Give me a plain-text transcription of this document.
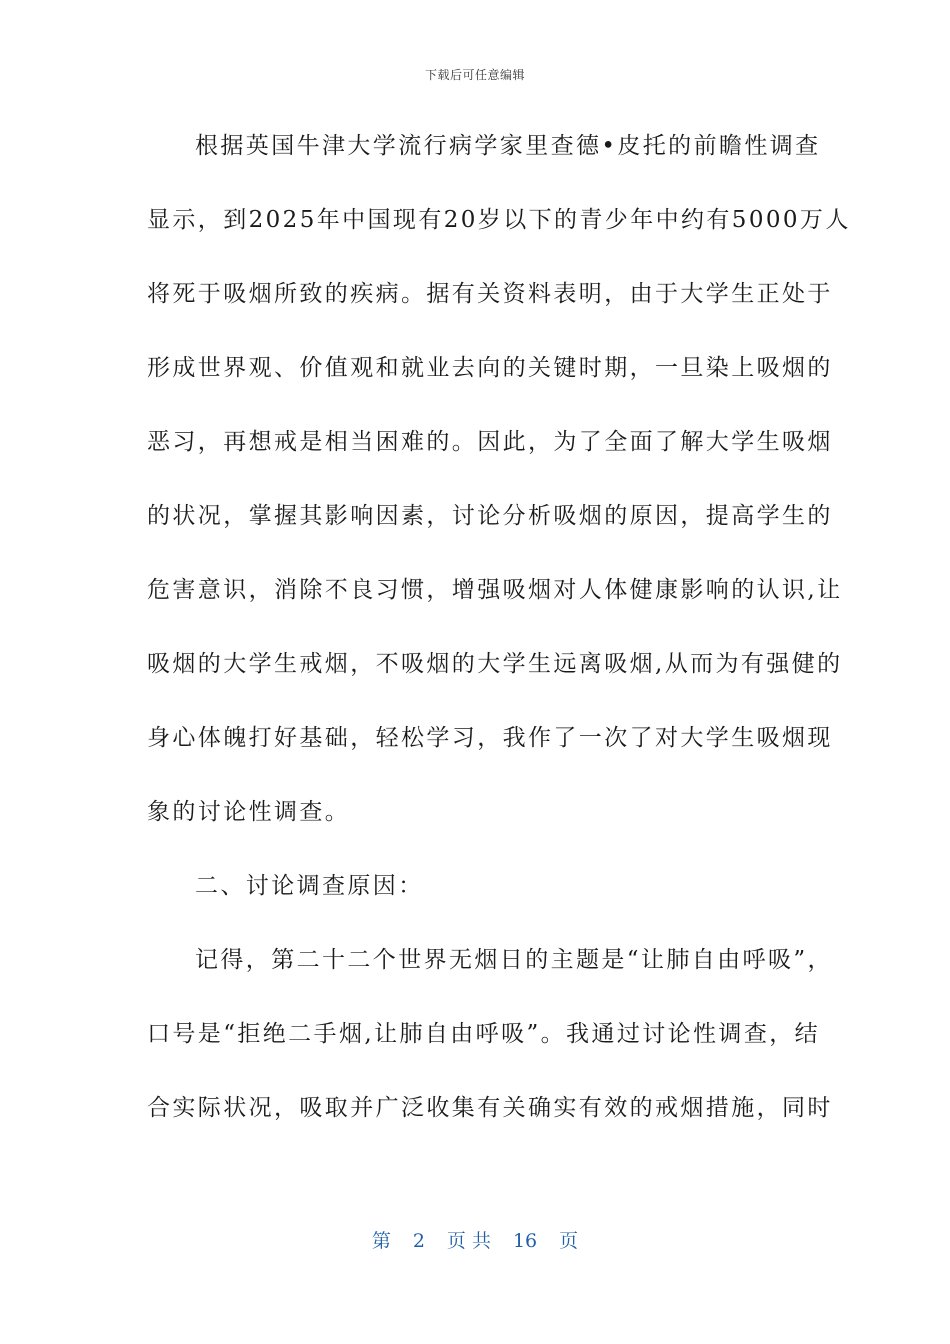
下载后可任意编辑
根据英国牛津大学流行病学家里查德•皮托的前瞻性调查
显示，到2025年中国现有20岁以下的青少年中约有5000万人
将死于吸烟所致的疾病。据有关资料表明，由于大学生正处于
形成世界观、价值观和就业去向的关键时期，一旦染上吸烟的
恶习，再想戒是相当困难的。因此，为了全面了解大学生吸烟
的状况，掌握其影响因素，讨论分析吸烟的原因，提高学生的
危害意识，消除不良习惯，增强吸烟对人体健康影响的认识,让
吸烟的大学生戒烟，不吸烟的大学生远离吸烟,从而为有强健的
身心体魄打好基础，轻松学习，我作了一次了对大学生吸烟现
象的讨论性调查。
二、讨论调查原因：
记得，第二十二个世界无烟日的主题是“让肺自由呼吸”，
口号是“拒绝二手烟,让肺自由呼吸”。我通过讨论性调查，结
合实际状况，吸取并广泛收集有关确实有效的戒烟措施，同时
第 2 页 共 16 页
